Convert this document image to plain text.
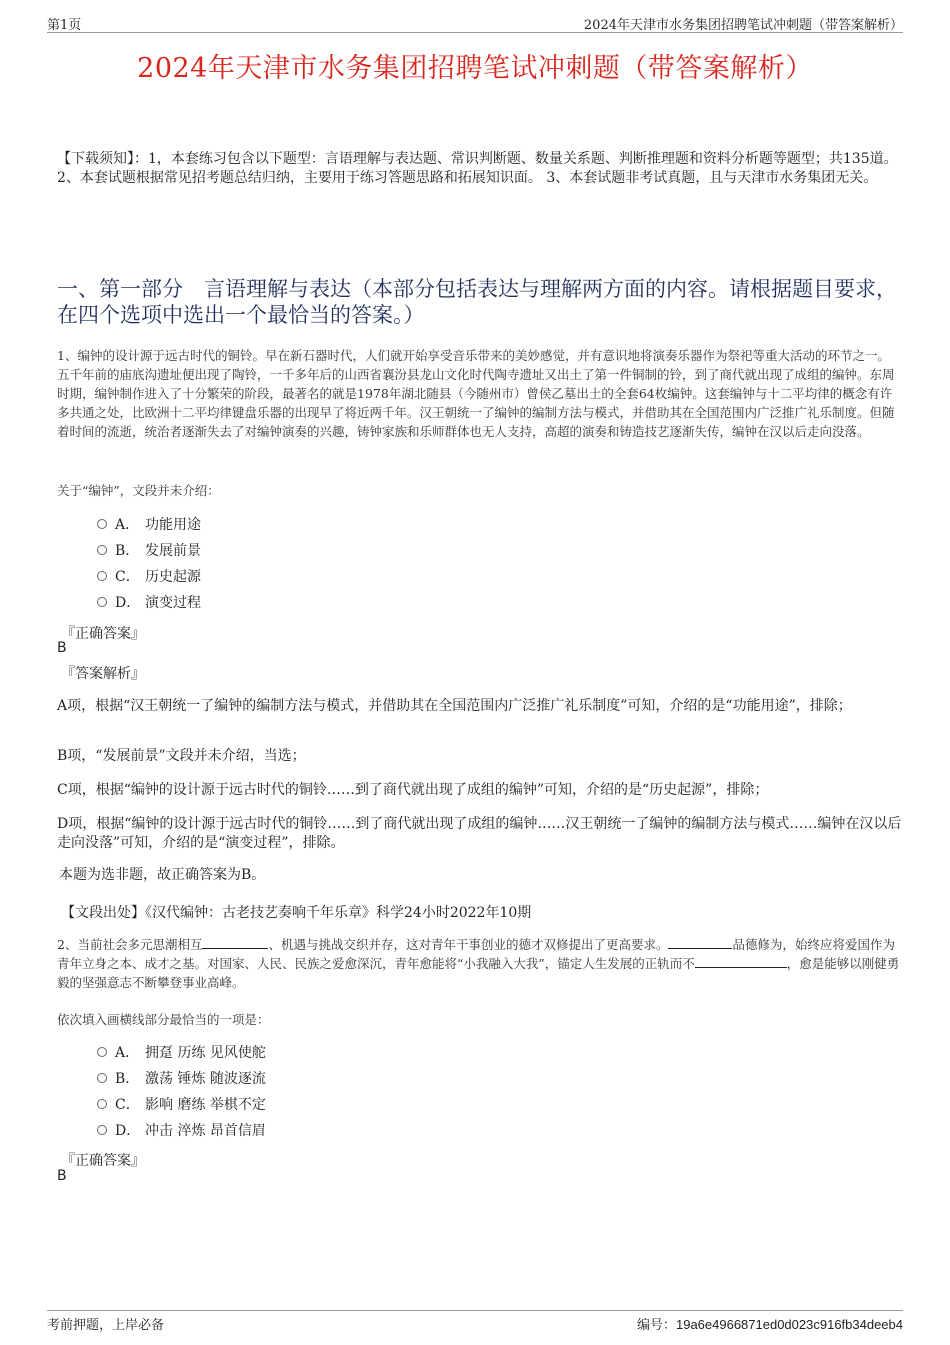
第1页	2024年天津市水务集团招聘笔试冲刺题（带答案解析）
2024年天津市水务集团招聘笔试冲刺题（带答案解析）
【下载须知】：1，本套练习包含以下题型：言语理解与表达题、常识判断题、数量关系题、判断推理题和资料分析题等题型；共135道。 2、本套试题根据常见招考题总结归纳，主要用于练习答题思路和拓展知识面。 3、本套试题非考试真题，且与天津市水务集团无关。
一、第一部分　言语理解与表达（本部分包括表达与理解两方面的内容。请根据题目要求，在四个选项中选出一个最恰当的答案。）
1、编钟的设计源于远古时代的铜铃。早在新石器时代，人们就开始享受音乐带来的美妙感觉，并有意识地将演奏乐器作为祭祀等重大活动的环节之一。五千年前的庙底沟遗址便出现了陶铃，一千多年后的山西省襄汾县龙山文化时代陶寺遗址又出土了第一件铜制的铃，到了商代就出现了成组的编钟。东周时期，编钟制作进入了十分繁荣的阶段，最著名的就是1978年湖北随县（今随州市）曾侯乙墓出土的全套64枚编钟。这套编钟与十二平均律的概念有许多共通之处，比欧洲十二平均律键盘乐器的出现早了将近两千年。汉王朝统一了编钟的编制方法与模式，并借助其在全国范围内广泛推广礼乐制度。但随着时间的流逝，统治者逐渐失去了对编钟演奏的兴趣，铸钟家族和乐师群体也无人支持，高超的演奏和铸造技艺逐渐失传，编钟在汉以后走向没落。
关于“编钟”，文段并未介绍：
A． 功能用途
B． 发展前景
C． 历史起源
D． 演变过程
『正确答案』
B
『答案解析』
A项，根据“汉王朝统一了编钟的编制方法与模式，并借助其在全国范围内广泛推广礼乐制度”可知，介绍的是“功能用途”，排除；
B项，“发展前景”文段并未介绍，当选；
C项，根据“编钟的设计源于远古时代的铜铃……到了商代就出现了成组的编钟”可知，介绍的是“历史起源”，排除；
D项，根据“编钟的设计源于远古时代的铜铃……到了商代就出现了成组的编钟……汉王朝统一了编钟的编制方法与模式……编钟在汉以后走向没落”可知，介绍的是“演变过程”，排除。
本题为选非题，故正确答案为B。
【文段出处】《汉代编钟：古老技艺奏响千年乐章》科学24小时2022年10期
2、当前社会多元思潮相互	、机遇与挑战交织并存，这对青年干事创业的德才双修提出了更高要求。	品德修为，始终应将爱国作为青年立身之本、成才之基。对国家、人民、民族之爱愈深沉，青年愈能将“小我融入大我”，锚定人生发展的正轨而不	，愈是能够以刚健勇毅的坚强意志不断攀登事业高峰。
依次填入画横线部分最恰当的一项是：
A． 拥趸 历练 见风使舵
B． 激荡 锤炼 随波逐流
C． 影响 磨练 举棋不定
D． 冲击 淬炼 昂首信眉
『正确答案』
B
考前押题，上岸必备	编号：19a6e4966871ed0d023c916fb34deeb4
